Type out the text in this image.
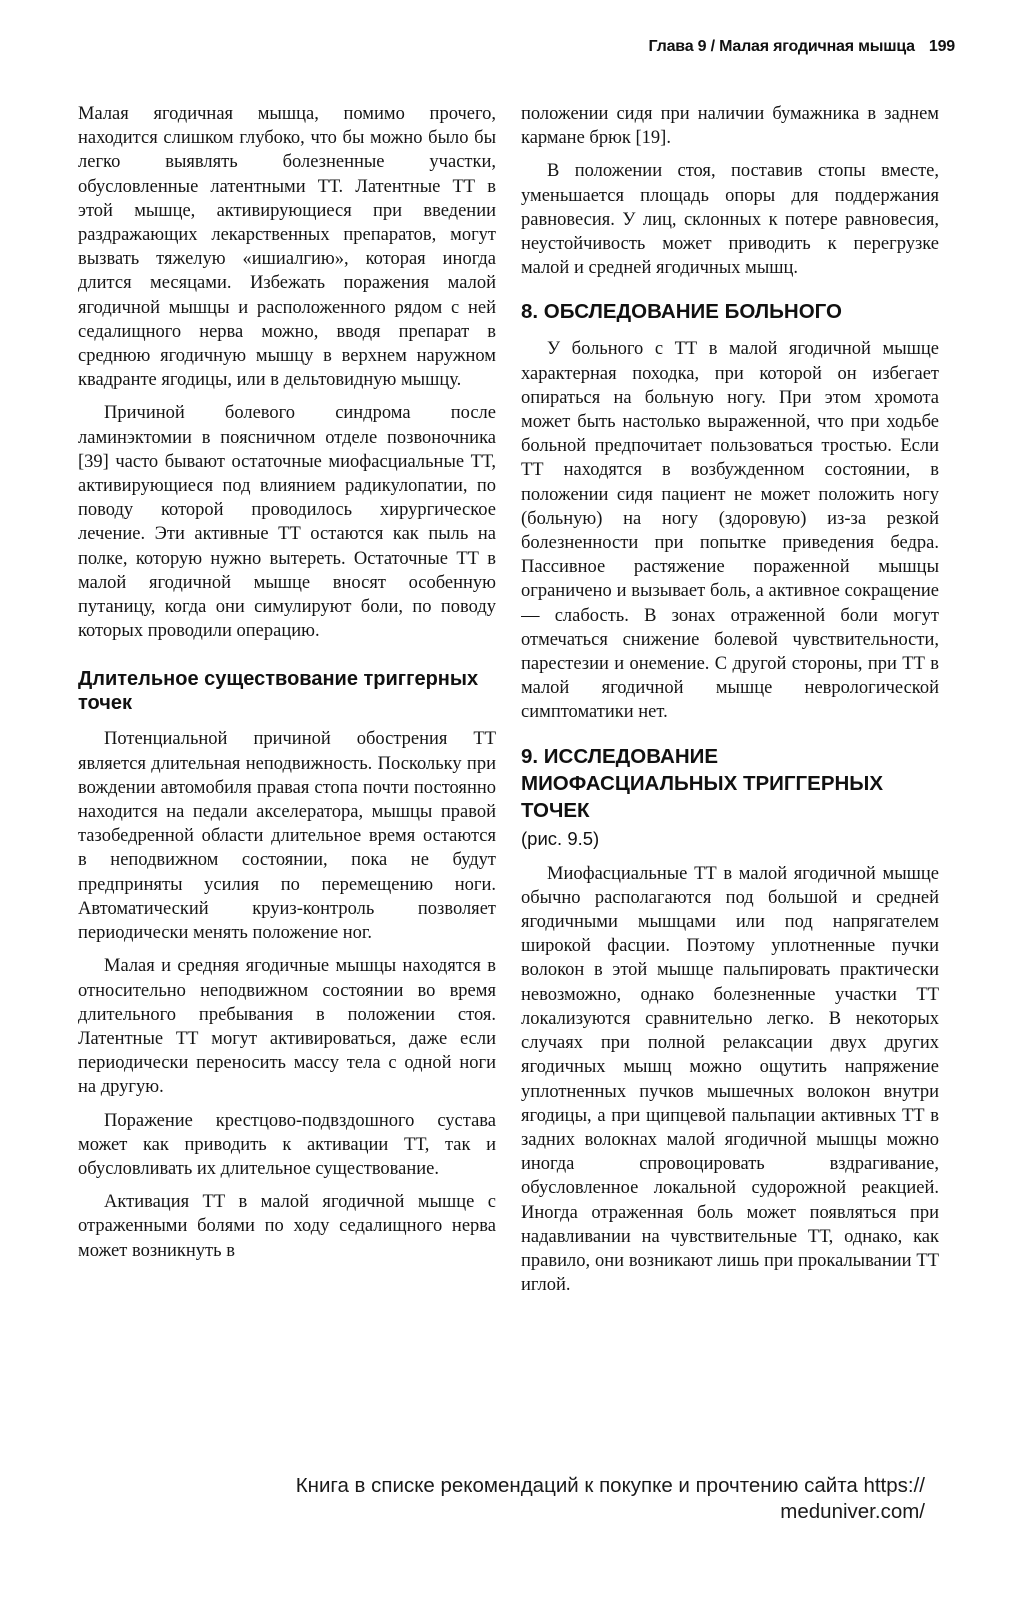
Глава 9 / Малая ягодичная мышца 199

Малая ягодичная мышца, помимо прочего, находится слишком глубоко, что бы можно было бы легко выявлять болезненные участки, обусловленные латентными ТТ. Латентные ТТ в этой мышце, активирующиеся при введении раздражающих лекарственных препаратов, могут вызвать тяжелую «ишиалгию», которая иногда длится месяцами. Избежать поражения малой ягодичной мышцы и расположенного рядом с ней седалищного нерва можно, вводя препарат в среднюю ягодичную мышцу в верхнем наружном квадранте ягодицы, или в дельтовидную мышцу.

Причиной болевого синдрома после ламинэктомии в поясничном отделе позвоночника [39] часто бывают остаточные миофасциальные ТТ, активирующиеся под влиянием радикулопатии, по поводу которой проводилось хирургическое лечение. Эти активные ТТ остаются как пыль на полке, которую нужно вытереть. Остаточные ТТ в малой ягодичной мышце вносят особенную путаницу, когда они симулируют боли, по поводу которых проводили операцию.

Длительное существование триггерных точек

Потенциальной причиной обострения ТТ является длительная неподвижность. Поскольку при вождении автомобиля правая стопа почти постоянно находится на педали акселератора, мышцы правой тазобедренной области длительное время остаются в неподвижном состоянии, пока не будут предприняты усилия по перемещению ноги. Автоматический круиз-контроль позволяет периодически менять положение ног.

Малая и средняя ягодичные мышцы находятся в относительно неподвижном состоянии во время длительного пребывания в положении стоя. Латентные ТТ могут активироваться, даже если периодически переносить массу тела с одной ноги на другую.

Поражение крестцово-подвздошного сустава может как приводить к активации ТТ, так и обусловливать их длительное существование.

Активация ТТ в малой ягодичной мышце с отраженными болями по ходу седалищного нерва может возникнуть в

положении сидя при наличии бумажника в заднем кармане брюк [19].

В положении стоя, поставив стопы вместе, уменьшается площадь опоры для поддержания равновесия. У лиц, склонных к потере равновесия, неустойчивость может приводить к перегрузке малой и средней ягодичных мышц.

8. ОБСЛЕДОВАНИЕ БОЛЬНОГО

У больного с ТТ в малой ягодичной мышце характерная походка, при которой он избегает опираться на больную ногу. При этом хромота может быть настолько выраженной, что при ходьбе больной предпочитает пользоваться тростью. Если ТТ находятся в возбужденном состоянии, в положении сидя пациент не может положить ногу (больную) на ногу (здоровую) из-за резкой болезненности при попытке приведения бедра. Пассивное растяжение пораженной мышцы ограничено и вызывает боль, а активное сокращение — слабость. В зонах отраженной боли могут отмечаться снижение болевой чувствительности, парестезии и онемение. С другой стороны, при ТТ в малой ягодичной мышце неврологической симптоматики нет.

9. ИССЛЕДОВАНИЕ МИОФАСЦИАЛЬНЫХ ТРИГГЕРНЫХ ТОЧЕК
(рис. 9.5)

Миофасциальные ТТ в малой ягодичной мышце обычно располагаются под большой и средней ягодичными мышцами или под напрягателем широкой фасции. Поэтому уплотненные пучки волокон в этой мышце пальпировать практически невозможно, однако болезненные участки ТТ локализуются сравнительно легко. В некоторых случаях при полной релаксации двух других ягодичных мышц можно ощутить напряжение уплотненных пучков мышечных волокон внутри ягодицы, а при щипцевой пальпации активных ТТ в задних волокнах малой ягодичной мышцы можно иногда спровоцировать вздрагивание, обусловленное локальной судорожной реакцией. Иногда отраженная боль может появляться при надавливании на чувствительные ТТ, однако, как правило, они возникают лишь при прокалывании ТТ иглой.

Книга в списке рекомендаций к покупке и прочтению сайта https:// meduniver.com/
